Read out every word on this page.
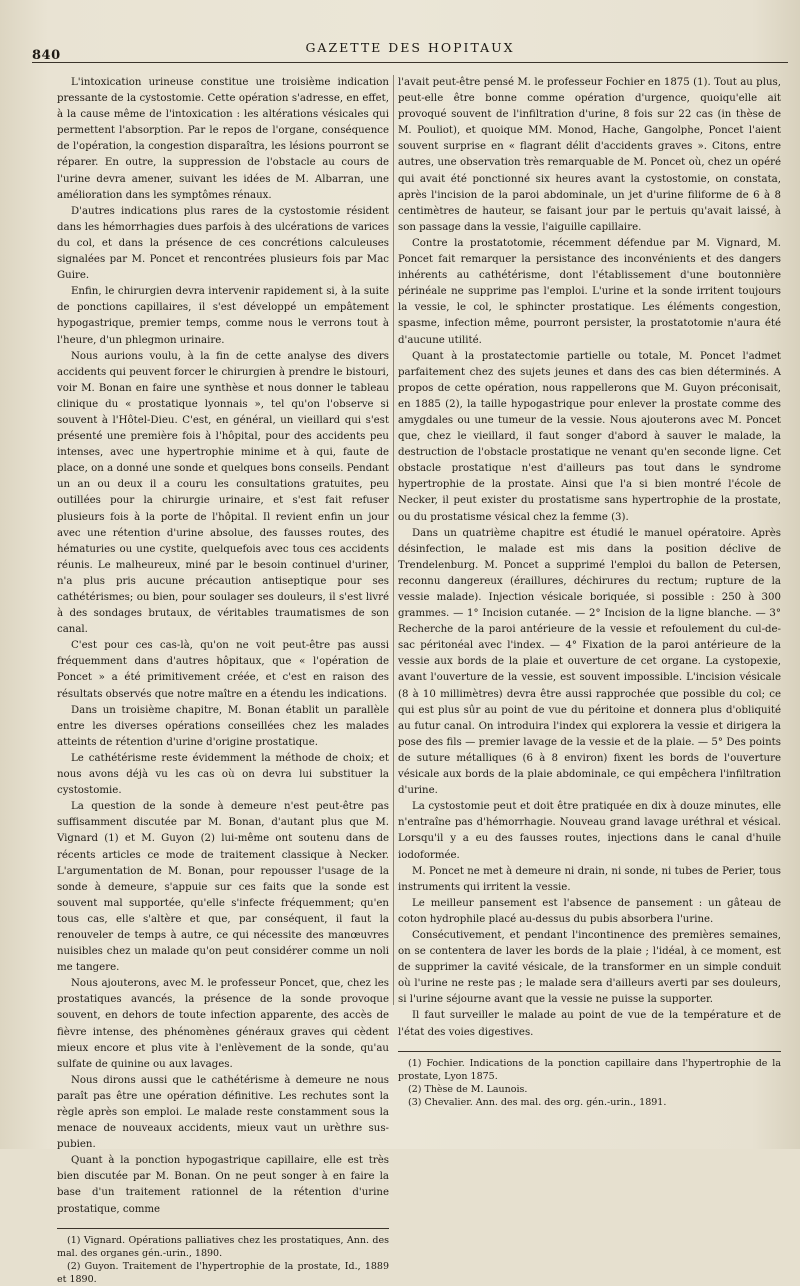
840
GAZETTE DES HOPITAUX

L'intoxication urineuse constitue une troisième indication pressante de la cystostomie. Cette opération s'adresse, en effet, à la cause même de l'intoxication : les altérations vésicales qui permettent l'absorption. Par le repos de l'organe, conséquence de l'opération, la congestion disparaîtra, les lésions pourront se réparer. En outre, la suppression de l'obstacle au cours de l'urine devra amener, suivant les idées de M. Albarran, une amélioration dans les symptômes rénaux.

D'autres indications plus rares de la cystostomie résident dans les hémorrhagies dues parfois à des ulcérations de varices du col, et dans la présence de ces concrétions calculeuses signalées par M. Poncet et rencontrées plusieurs fois par Mac Guire.

Enfin, le chirurgien devra intervenir rapidement si, à la suite de ponctions capillaires, il s'est développé un empâtement hypogastrique, premier temps, comme nous le verrons tout à l'heure, d'un phlegmon urinaire.

Nous aurions voulu, à la fin de cette analyse des divers accidents qui peuvent forcer le chirurgien à prendre le bistouri, voir M. Bonan en faire une synthèse et nous donner le tableau clinique du « prostatique lyonnais », tel qu'on l'observe si souvent à l'Hôtel-Dieu. C'est, en général, un vieillard qui s'est présenté une première fois à l'hôpital, pour des accidents peu intenses, avec une hypertrophie minime et à qui, faute de place, on a donné une sonde et quelques bons conseils. Pendant un an ou deux il a couru les consultations gratuites, peu outillées pour la chirurgie urinaire, et s'est fait refuser plusieurs fois à la porte de l'hôpital. Il revient enfin un jour avec une rétention d'urine absolue, des fausses routes, des hématuries ou une cystite, quelquefois avec tous ces accidents réunis. Le malheureux, miné par le besoin continuel d'uriner, n'a plus pris aucune précaution antiseptique pour ses cathétérismes; ou bien, pour soulager ses douleurs, il s'est livré à des sondages brutaux, de véritables traumatismes de son canal.

C'est pour ces cas-là, qu'on ne voit peut-être pas aussi fréquemment dans d'autres hôpitaux, que « l'opération de Poncet » a été primitivement créée, et c'est en raison des résultats observés que notre maître en a étendu les indications.

Dans un troisième chapitre, M. Bonan établit un parallèle entre les diverses opérations conseillées chez les malades atteints de rétention d'urine d'origine prostatique.

Le cathétérisme reste évidemment la méthode de choix; et nous avons déjà vu les cas où on devra lui substituer la cystostomie.

La question de la sonde à demeure n'est peut-être pas suffisamment discutée par M. Bonan, d'autant plus que M. Vignard (1) et M. Guyon (2) lui-même ont soutenu dans de récents articles ce mode de traitement classique à Necker. L'argumentation de M. Bonan, pour repousser l'usage de la sonde à demeure, s'appuie sur ces faits que la sonde est souvent mal supportée, qu'elle s'infecte fréquemment; qu'en tous cas, elle s'altère et que, par conséquent, il faut la renouveler de temps à autre, ce qui nécessite des manœuvres nuisibles chez un malade qu'on peut considérer comme un noli me tangere.

Nous ajouterons, avec M. le professeur Poncet, que, chez les prostatiques avancés, la présence de la sonde provoque souvent, en dehors de toute infection apparente, des accès de fièvre intense, des phénomènes généraux graves qui cèdent mieux encore et plus vite à l'enlèvement de la sonde, qu'au sulfate de quinine ou aux lavages.

Nous dirons aussi que le cathétérisme à demeure ne nous paraît pas être une opération définitive. Les rechutes sont la règle après son emploi. Le malade reste constamment sous la menace de nouveaux accidents, mieux vaut un urèthre sus-pubien.

Quant à la ponction hypogastrique capillaire, elle est très bien discutée par M. Bonan. On ne peut songer à en faire la base d'un traitement rationnel de la rétention d'urine prostatique, comme

(1) Vignard. Opérations palliatives chez les prostatiques, Ann. des mal. des organes gén.-urin., 1890.

(2) Guyon. Traitement de l'hypertrophie de la prostate, Id., 1889 et 1890.

l'avait peut-être pensé M. le professeur Fochier en 1875 (1). Tout au plus, peut-elle être bonne comme opération d'urgence, quoiqu'elle ait provoqué souvent de l'infiltration d'urine, 8 fois sur 22 cas (in thèse de M. Pouliot), et quoique MM. Monod, Hache, Gangolphe, Poncet l'aient souvent surprise en « flagrant délit d'accidents graves ». Citons, entre autres, une observation très remarquable de M. Poncet où, chez un opéré qui avait été ponctionné six heures avant la cystostomie, on constata, après l'incision de la paroi abdominale, un jet d'urine filiforme de 6 à 8 centimètres de hauteur, se faisant jour par le pertuis qu'avait laissé, à son passage dans la vessie, l'aiguille capillaire.

Contre la prostatotomie, récemment défendue par M. Vignard, M. Poncet fait remarquer la persistance des inconvénients et des dangers inhérents au cathétérisme, dont l'établissement d'une boutonnière périnéale ne supprime pas l'emploi. L'urine et la sonde irritent toujours la vessie, le col, le sphincter prostatique. Les éléments congestion, spasme, infection même, pourront persister, la prostatotomie n'aura été d'aucune utilité.

Quant à la prostatectomie partielle ou totale, M. Poncet l'admet parfaitement chez des sujets jeunes et dans des cas bien déterminés. A propos de cette opération, nous rappellerons que M. Guyon préconisait, en 1885 (2), la taille hypogastrique pour enlever la prostate comme des amygdales ou une tumeur de la vessie. Nous ajouterons avec M. Poncet que, chez le vieillard, il faut songer d'abord à sauver le malade, la destruction de l'obstacle prostatique ne venant qu'en seconde ligne. Cet obstacle prostatique n'est d'ailleurs pas tout dans le syndrome hypertrophie de la prostate. Ainsi que l'a si bien montré l'école de Necker, il peut exister du prostatisme sans hypertrophie de la prostate, ou du prostatisme vésical chez la femme (3).

Dans un quatrième chapitre est étudié le manuel opératoire. Après désinfection, le malade est mis dans la position déclive de Trendelenburg. M. Poncet a supprimé l'emploi du ballon de Petersen, reconnu dangereux (éraillures, déchirures du rectum; rupture de la vessie malade). Injection vésicale boriquée, si possible : 250 à 300 grammes. — 1° Incision cutanée. — 2° Incision de la ligne blanche. — 3° Recherche de la paroi antérieure de la vessie et refoulement du cul-de-sac péritonéal avec l'index. — 4° Fixation de la paroi antérieure de la vessie aux bords de la plaie et ouverture de cet organe. La cystopexie, avant l'ouverture de la vessie, est souvent impossible. L'incision vésicale (8 à 10 millimètres) devra être aussi rapprochée que possible du col; ce qui est plus sûr au point de vue du péritoine et donnera plus d'obliquité au futur canal. On introduira l'index qui explorera la vessie et dirigera la pose des fils — premier lavage de la vessie et de la plaie. — 5° Des points de suture métalliques (6 à 8 environ) fixent les bords de l'ouverture vésicale aux bords de la plaie abdominale, ce qui empêchera l'infiltration d'urine.

La cystostomie peut et doit être pratiquée en dix à douze minutes, elle n'entraîne pas d'hémorrhagie. Nouveau grand lavage uréthral et vésical. Lorsqu'il y a eu des fausses routes, injections dans le canal d'huile iodoformée.

M. Poncet ne met à demeure ni drain, ni sonde, ni tubes de Perier, tous instruments qui irritent la vessie.

Le meilleur pansement est l'absence de pansement : un gâteau de coton hydrophile placé au-dessus du pubis absorbera l'urine.

Consécutivement, et pendant l'incontinence des premières semaines, on se contentera de laver les bords de la plaie ; l'idéal, à ce moment, est de supprimer la cavité vésicale, de la transformer en un simple conduit où l'urine ne reste pas ; le malade sera d'ailleurs averti par ses douleurs, si l'urine séjourne avant que la vessie ne puisse la supporter.

Il faut surveiller le malade au point de vue de la température et de l'état des voies digestives.

(1) Fochier. Indications de la ponction capillaire dans l'hypertrophie de la prostate, Lyon 1875.

(2) Thèse de M. Launois.

(3) Chevalier. Ann. des mal. des org. gén.-urin., 1891.
